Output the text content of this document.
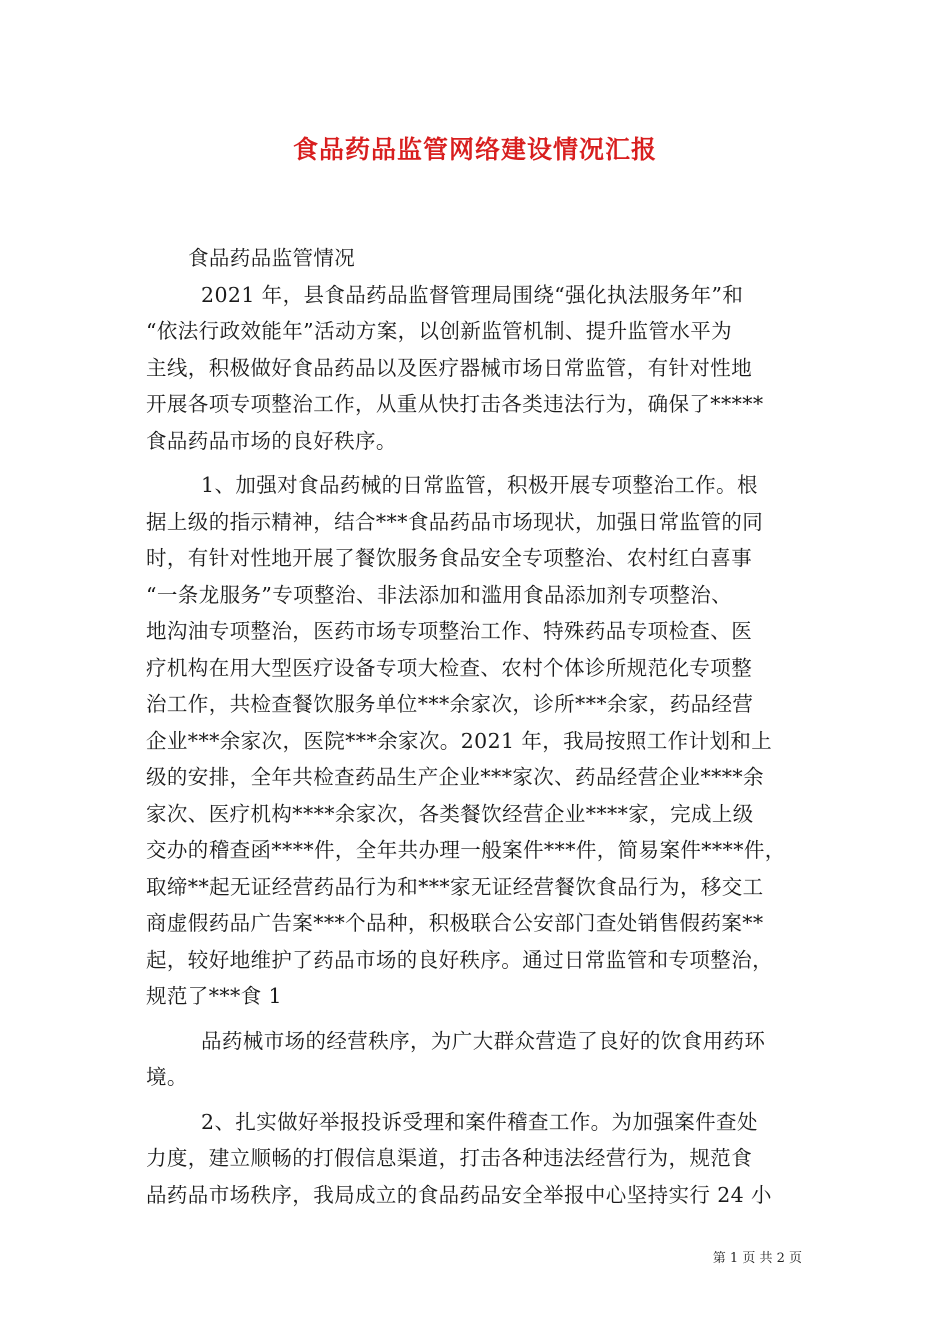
食品药品监管网络建设情况汇报
食品药品监管情况
2021 年，县食品药品监督管理局围绕“强化执法服务年”和
“依法行政效能年”活动方案，以创新监管机制、提升监管水平为
主线，积极做好食品药品以及医疗器械市场日常监管，有针对性地
开展各项专项整治工作，从重从快打击各类违法行为，确保了*****
食品药品市场的良好秩序。
1、加强对食品药械的日常监管，积极开展专项整治工作。根
据上级的指示精神，结合***食品药品市场现状，加强日常监管的同
时，有针对性地开展了餐饮服务食品安全专项整治、农村红白喜事
“一条龙服务”专项整治、非法添加和滥用食品添加剂专项整治、
地沟油专项整治，医药市场专项整治工作、特殊药品专项检查、医
疗机构在用大型医疗设备专项大检查、农村个体诊所规范化专项整
治工作，共检查餐饮服务单位***余家次，诊所***余家，药品经营
企业***余家次，医院***余家次。2021 年，我局按照工作计划和上
级的安排，全年共检查药品生产企业***家次、药品经营企业****余
家次、医疗机构****余家次，各类餐饮经营企业****家，完成上级
交办的稽查函****件，全年共办理一般案件***件，简易案件****件，
取缔**起无证经营药品行为和***家无证经营餐饮食品行为，移交工
商虚假药品广告案***个品种，积极联合公安部门查处销售假药案**
起，较好地维护了药品市场的良好秩序。通过日常监管和专项整治，
规范了***食 1
品药械市场的经营秩序，为广大群众营造了良好的饮食用药环
境。
2、扎实做好举报投诉受理和案件稽查工作。为加强案件查处
力度，建立顺畅的打假信息渠道，打击各种违法经营行为，规范食
品药品市场秩序，我局成立的食品药品安全举报中心坚持实行 24 小
第 1 页 共 2 页
